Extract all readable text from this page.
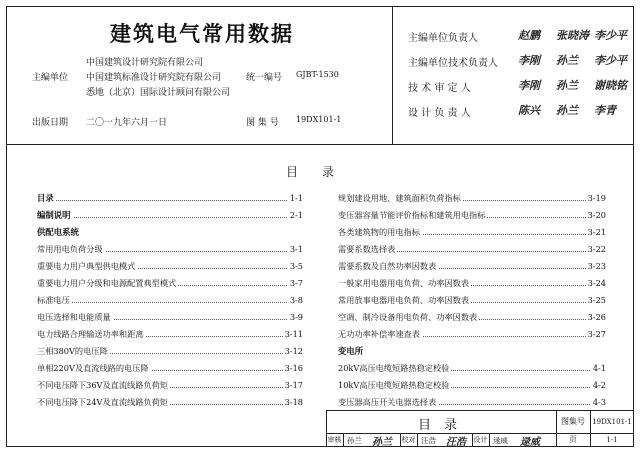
建筑电气常用数据
主编单位
中国建筑设计研究院有限公司
中国建筑标准设计研究院有限公司
悉地（北京）国际设计顾问有限公司
统一编号 GJBT-1530
出版日期 二〇一九年六月一日	图 集 号 19DX101-1
主编单位负责人	赵鹏 张晓涛 李少平
主编单位技术负责人 李刚 孙兰 李少平
技 术 审 定 人	李刚 孙兰 谢晓铭
设 计 负 责 人	陈兴 孙兰 李青
目　　录
目录	1-1
编制说明	2-1
供配电系统
常用用电负荷分级	3-1
重要电力用户典型供电模式	3-5
重要电力用户分级和电源配置典型模式	3-7
标准电压	3-8
电压选择和电能质量	3-9
电力线路合理输送功率和距离	3-11
三相380V的电压降	3-12
单相220V及直流线路的电压降	3-16
不同电压降下36V及直流线路负荷矩	3-17
不同电压降下24V及直流线路负荷矩	3-18
规划建设用地、建筑面积负荷指标	3-19
变压器容量节能评价指标和建筑用电指标	3-20
各类建筑物的用电指标	3-21
需要系数选择表	3-22
需要系数及自然功率因数表	3-23
一般家用电器用电负荷、功率因数表	3-24
常用放事电器用电负荷、功率因数表	3-25
空调、制冷设备用电负荷、功率因数表	3-26
无功功率补偿率速查表	3-27
变电所
20kV高压电缆短路热稳定校验	4-1
10kV高压电缆短路热稳定校验	4-2
变压器高压开关电器选择表	4-3
目　录	图集号	19DX101-1
审核 孙兰 孙兰 校对 汪浩 汪浩 设计 逯威 逯威	页	1-1
